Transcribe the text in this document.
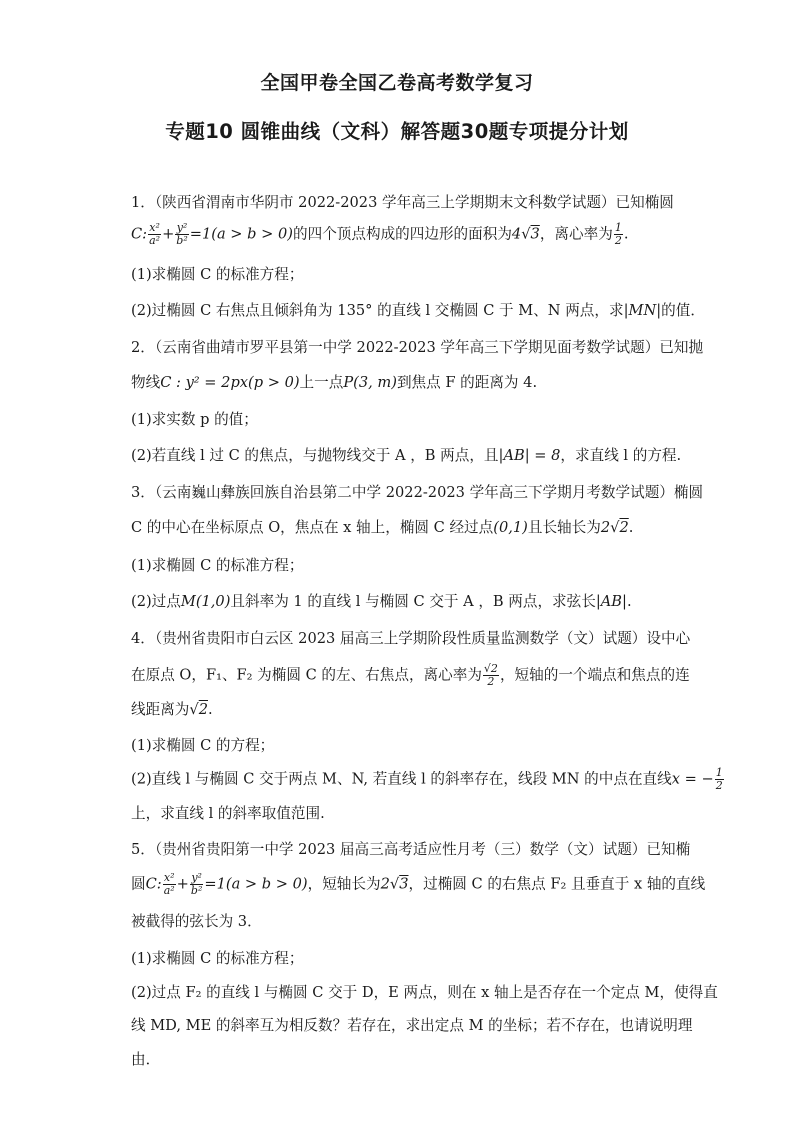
全国甲卷全国乙卷高考数学复习
专题10 圆锥曲线（文科）解答题30题专项提分计划
1．（陕西省渭南市华阴市 2022-2023 学年高三上学期期末文科数学试题）已知椭圆
C: $\frac{\text{x²}}{\text{a²}} + \frac{\text{y²}}{\text{b²}} =1(a > b > 0)$的四个顶点构成的四边形的面积为4√3，离心率为 $\frac{1}{2}$ .
(1)求椭圆 C 的标准方程；
(2)过椭圆 C 右焦点且倾斜角为 135° 的直线 l 交椭圆 C 于 M、N 两点，求|MN|的值．
2．（云南省曲靖市罗平县第一中学 2022-2023 学年高三下学期见面考数学试题）已知抛
物线C : y² = 2px(p > 0)上一点P(3, m)到焦点 F 的距离为 4.
(1)求实数 p 的值；
(2)若直线 l 过 C 的焦点，与抛物线交于 A ，B 两点，且|AB| = 8，求直线 l 的方程.
3．（云南巍山彝族回族自治县第二中学 2022-2023 学年高三下学期月考数学试题）椭圆
C 的中心在坐标原点 O，焦点在 x 轴上，椭圆 C 经过点(0,1)且长轴长为2√2.
(1)求椭圆 C 的标准方程；
(2)过点M(1,0)且斜率为 1 的直线 l 与椭圆 C 交于 A ，B 两点，求弦长|AB|.
4．（贵州省贵阳市白云区 2023 届高三上学期阶段性质量监测数学（文）试题）设中心
在原点 O，F₁、F₂ 为椭圆 C 的左、右焦点，离心率为 $\frac{√2}{2}$ ，短轴的一个端点和焦点的连
线距离为√2.
(1)求椭圆 C 的方程；
(2)直线 l 与椭圆 C 交于两点 M、N, 若直线 l 的斜率存在，线段 MN 的中点在直线x = − $\frac{1}{2}$
上，求直线 l 的斜率取值范围.
5．（贵州省贵阳第一中学 2023 届高三高考适应性月考（三）数学（文）试题）已知椭
圆C: $\frac{\text{x²}}{\text{a²}} + \frac{\text{y²}}{\text{b²}} =1(a > b > 0)$，短轴长为2√3，过椭圆 C 的右焦点 F₂ 且垂直于 x 轴的直线
被截得的弦长为 3．
(1)求椭圆 C 的标准方程；
(2)过点 F₂ 的直线 l 与椭圆 C 交于 D，E 两点，则在 x 轴上是否存在一个定点 M，使得直
线 MD, ME 的斜率互为相反数？若存在，求出定点 M 的坐标；若不存在，也请说明理
由．
